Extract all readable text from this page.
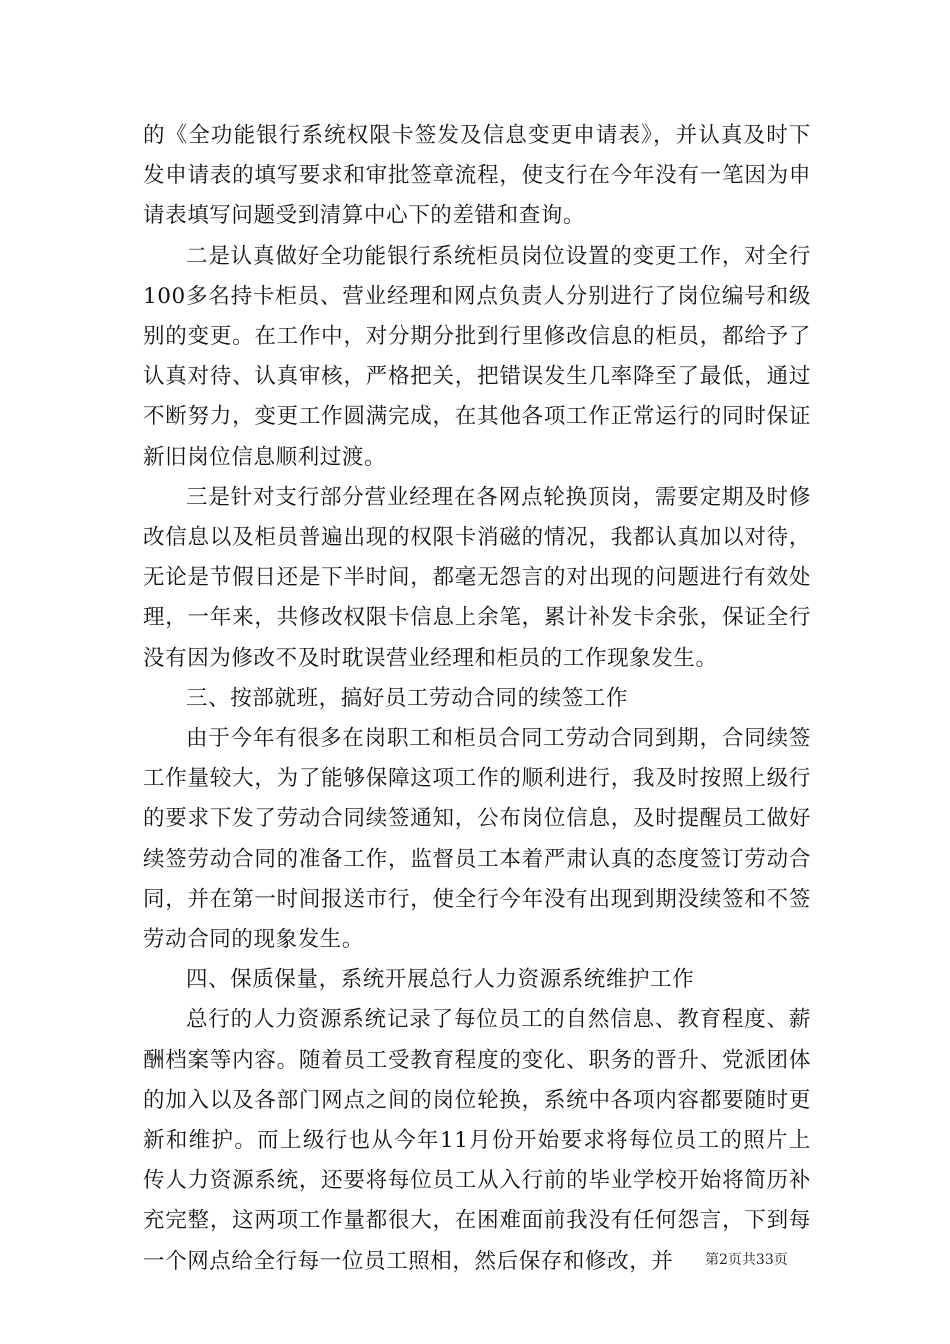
的《全功能银行系统权限卡签发及信息变更申请表》，并认真及时下发申请表的填写要求和审批签章流程，使支行在今年没有一笔因为申请表填写问题受到清算中心下的差错和查询。

二是认真做好全功能银行系统柜员岗位设置的变更工作，对全行100多名持卡柜员、营业经理和网点负责人分别进行了岗位编号和级别的变更。在工作中，对分期分批到行里修改信息的柜员，都给予了认真对待、认真审核，严格把关，把错误发生几率降至了最低，通过不断努力，变更工作圆满完成，在其他各项工作正常运行的同时保证新旧岗位信息顺利过渡。

三是针对支行部分营业经理在各网点轮换顶岗，需要定期及时修改信息以及柜员普遍出现的权限卡消磁的情况，我都认真加以对待，无论是节假日还是下半时间，都毫无怨言的对出现的问题进行有效处理，一年来，共修改权限卡信息上余笔，累计补发卡余张，保证全行没有因为修改不及时耽误营业经理和柜员的工作现象发生。

三、按部就班，搞好员工劳动合同的续签工作

由于今年有很多在岗职工和柜员合同工劳动合同到期，合同续签工作量较大，为了能够保障这项工作的顺利进行，我及时按照上级行的要求下发了劳动合同续签通知，公布岗位信息，及时提醒员工做好续签劳动合同的准备工作，监督员工本着严肃认真的态度签订劳动合同，并在第一时间报送市行，使全行今年没有出现到期没续签和不签劳动合同的现象发生。

四、保质保量，系统开展总行人力资源系统维护工作

总行的人力资源系统记录了每位员工的自然信息、教育程度、薪酬档案等内容。随着员工受教育程度的变化、职务的晋升、党派团体的加入以及各部门网点之间的岗位轮换，系统中各项内容都要随时更新和维护。而上级行也从今年11月份开始要求将每位员工的照片上传人力资源系统，还要将每位员工从入行前的毕业学校开始将简历补充完整，这两项工作量都很大，在困难面前我没有任何怨言，下到每一个网点给全行每一位员工照相，然后保存和修改，并	第2页共33页
